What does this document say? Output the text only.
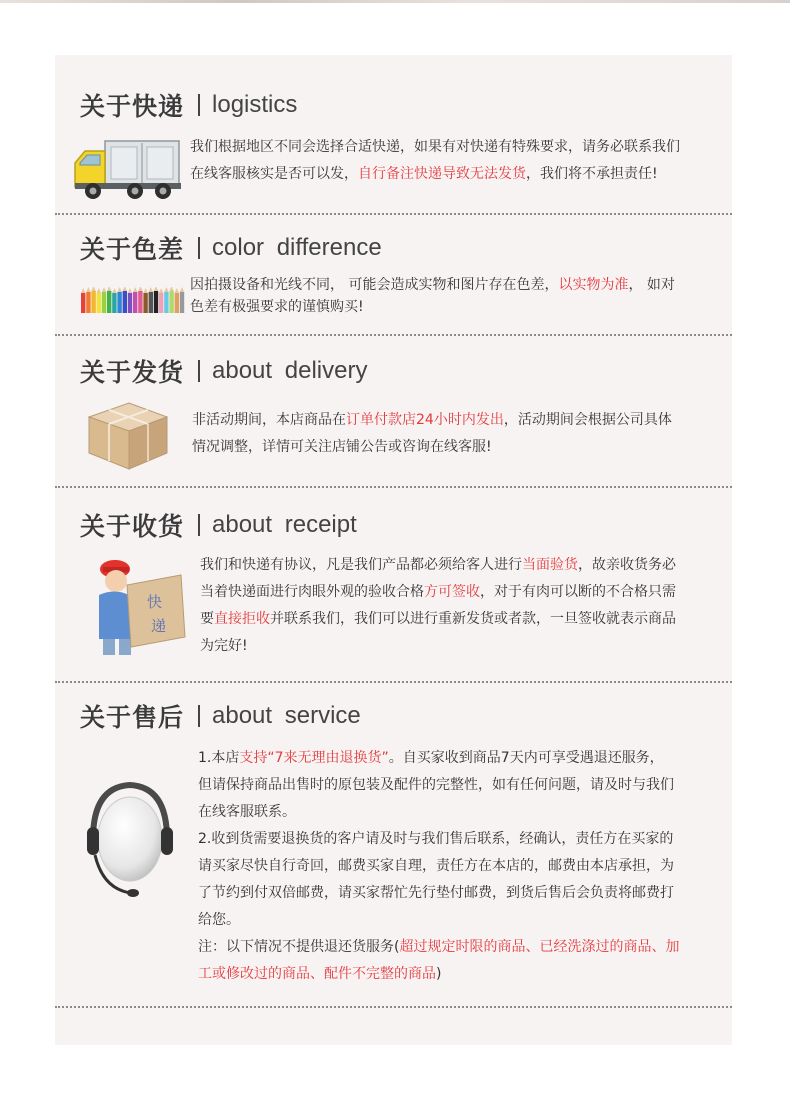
关于快递 logistics
我们根据地区不同会选择合适快递，如果有对快递有特殊要求，请务必联系我们
在线客服核实是否可以发，自行备注快递导致无法发货，我们将不承担责任!
关于色差 color difference
因拍摄设备和光线不同， 可能会造成实物和图片存在色差，以实物为准， 如对
色差有极强要求的谨慎购买!
关于发货 about delivery
非活动期间，本店商品在订单付款店24小时内发出，活动期间会根据公司具体
情况调整，详情可关注店铺公告或咨询在线客服!
关于收货 about receipt
快
递
我们和快递有协议，凡是我们产品都必须给客人进行当面验货，故亲收货务必
当着快递面进行肉眼外观的验收合格方可签收，对于有肉可以断的不合格只需
要直接拒收并联系我们，我们可以进行重新发货或者款，一旦签收就表示商品
为完好!
关于售后 about service
1.本店支持“7来无理由退换货”。自买家收到商品7天内可享受遇退还服务，
但请保持商品出售时的原包装及配件的完整性，如有任何问题，请及时与我们
在线客服联系。
2.收到货需要退换货的客户请及时与我们售后联系，经确认，责任方在买家的
请买家尽快自行奇回，邮费买家自理，责任方在本店的，邮费由本店承担，为
了节约到付双倍邮费，请买家帮忙先行垫付邮费，到货后售后会负责将邮费打
给您。
注：以下情况不提供退还货服务(超过规定时限的商品、已经洗涤过的商品、加
工或修改过的商品、配件不完整的商品)
